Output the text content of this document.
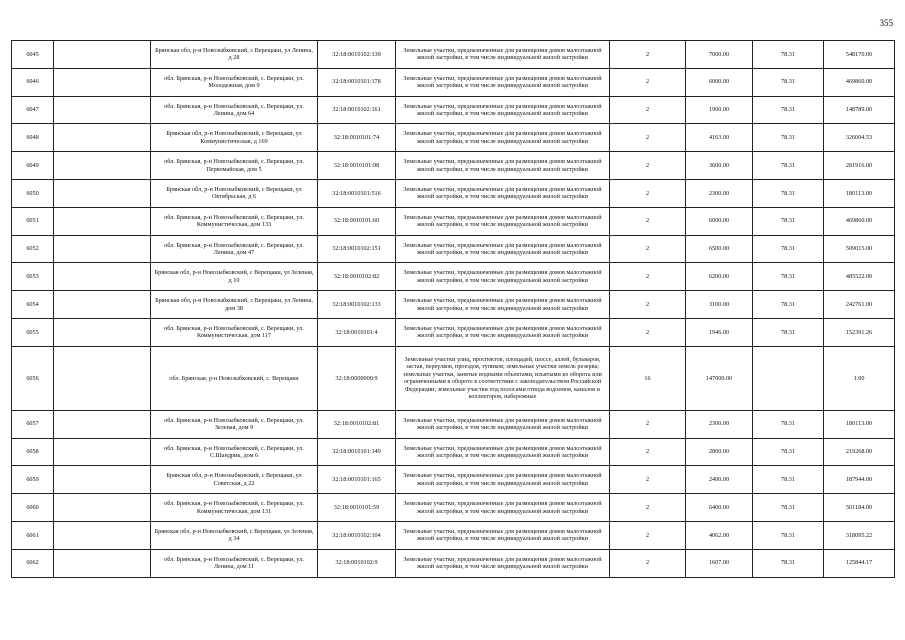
355
6045		Брянская обл, р-н Новозыбковский, с Верещаки, ул Ленина, д 28	32:18:0010102:139	Земельные участки, предназначенные для размещения домов малоэтажной жилой застройки, в том числе индивидуальной жилой застройки	2	7000.00	78.31	548170.00
6046		обл. Брянская, р-н Новозыбковский, с. Верещаки, ул. Молодежная, дом 9	32:18:0010101:178	Земельные участки, предназначенные для размещения домов малоэтажной жилой застройки, в том числе индивидуальной жилой застройки	2	6000.00	78.31	469860.00
6047		обл. Брянская, р-н Новозыбковский, с. Верещаки, ул. Ленина, дом 64	32:18:0010102:161	Земельные участки, предназначенные для размещения домов малоэтажной жилой застройки, в том числе индивидуальной жилой застройки	2	1900.00	78.31	148789.00
6048		Брянская обл, р-н Новозыбковский, с Верещаки, ул Коммунистическая, д 169	32:18:0010101:74	Земельные участки, предназначенные для размещения домов малоэтажной жилой застройки, в том числе индивидуальной жилой застройки	2	4163.00	78.31	326004.53
6049		обл. Брянская, р-н Новозыбковский, с. Верещаки, ул. Первомайская, дом 5	32:18:0010101:98	Земельные участки, предназначенные для размещения домов малоэтажной жилой застройки, в том числе индивидуальной жилой застройки	2	3600.00	78.31	281916.00
6050		Брянская обл, р-н Новозыбковский, с Верещаки, ул Октябрьская, д 6	32:18:0010101:516	Земельные участки, предназначенные для размещения домов малоэтажной жилой застройки, в том числе индивидуальной жилой застройки	2	2300.00	78.31	180113.00
6051		обл. Брянская, р-н Новозыбковский, с. Верещаки, ул. Коммунистическая, дом 133	32:18:0010101:60	Земельные участки, предназначенные для размещения домов малоэтажной жилой застройки, в том числе индивидуальной жилой застройки	2	6000.00	78.31	469860.00
6052		обл. Брянская, р-н Новозыбковский, с. Верещаки, ул. Ленина, дом 47	32:18:0010102:151	Земельные участки, предназначенные для размещения домов малоэтажной жилой застройки, в том числе индивидуальной жилой застройки	2	6500.00	78.31	509015.00
6053		Брянская обл, р-н Новозыбковский, с Верещаки, ул Зеленая, д 10	32:18:0010102:82	Земельные участки, предназначенные для размещения домов малоэтажной жилой застройки, в том числе индивидуальной жилой застройки	2	6200.00	78.31	485522.00
6054		Брянская обл, р-н Новозыбковский, с Верещаки, ул Ленина, дом 38	32:18:0010102:133	Земельные участки, предназначенные для размещения домов малоэтажной жилой застройки, в том числе индивидуальной жилой застройки	2	3100.00	78.31	242761.00
6055		обл. Брянская, р-н Новозыбковский, с. Верещаки, ул. Коммунистическая, дом 117	32:18:0010101:4	Земельные участки, предназначенные для размещения домов малоэтажной жилой застройки, в том числе индивидуальной жилой застройки	2	1946.00	78.31	152391.26
6056		обл. Брянская, р-н Новозыбковский, с. Верещаки	32:18:0000000:9	Земельные участки улиц, проспектов, площадей, шоссе, аллей, бульваров, застав, переулков, проездов, тупиков; земельные участки земель резерва; земельные участки, занятые водными объектами, изъятыми из оборота или ограниченными в обороте в соответствии с законодательством Российской Федерации; земельные участки под полосами отвода водоемов, каналов и коллекторов, набережные	16	147000.00		1.00
6057		обл. Брянская, р-н Новозыбковский, с. Верещаки, ул. Зеленая, дом 9	32:18:0010102:81	Земельные участки, предназначенные для размещения домов малоэтажной жилой застройки, в том числе индивидуальной жилой застройки	2	2300.00	78.31	180113.00
6058		обл. Брянская, р-н Новозыбковский, с. Верещаки, ул. С.Шандрик, дом 6	32:18:0010101:149	Земельные участки, предназначенные для размещения домов малоэтажной жилой застройки, в том числе индивидуальной жилой застройки	2	2800.00	78.31	219268.00
6059		Брянская обл, р-н Новозыбковский, с Верещаки, ул Советская, д 22	32:18:0010101:165	Земельные участки, предназначенные для размещения домов малоэтажной жилой застройки, в том числе индивидуальной жилой застройки	2	2400.00	78.31	187944.00
6060		обл. Брянская, р-н Новозыбковский, с. Верещаки, ул. Коммунистическая, дом 131	32:18:0010101:59	Земельные участки, предназначенные для размещения домов малоэтажной жилой застройки, в том числе индивидуальной жилой застройки	2	6400.00	78.31	501184.00
6061		Брянская обл, р-н Новозыбковский, с Верещаки, ул Зеленая, д 34	32:18:0010102:104	Земельные участки, предназначенные для размещения домов малоэтажной жилой застройки, в том числе индивидуальной жилой застройки	2	4062.00	78.31	318095.22
6062		обл. Брянская, р-н Новозыбковский, с. Верещаки, ул. Ленина, дом 11	32:18:0010102:9	Земельные участки, предназначенные для размещения домов малоэтажной жилой застройки, в том числе индивидуальной жилой застройки	2	1607.00	78.31	125844.17
